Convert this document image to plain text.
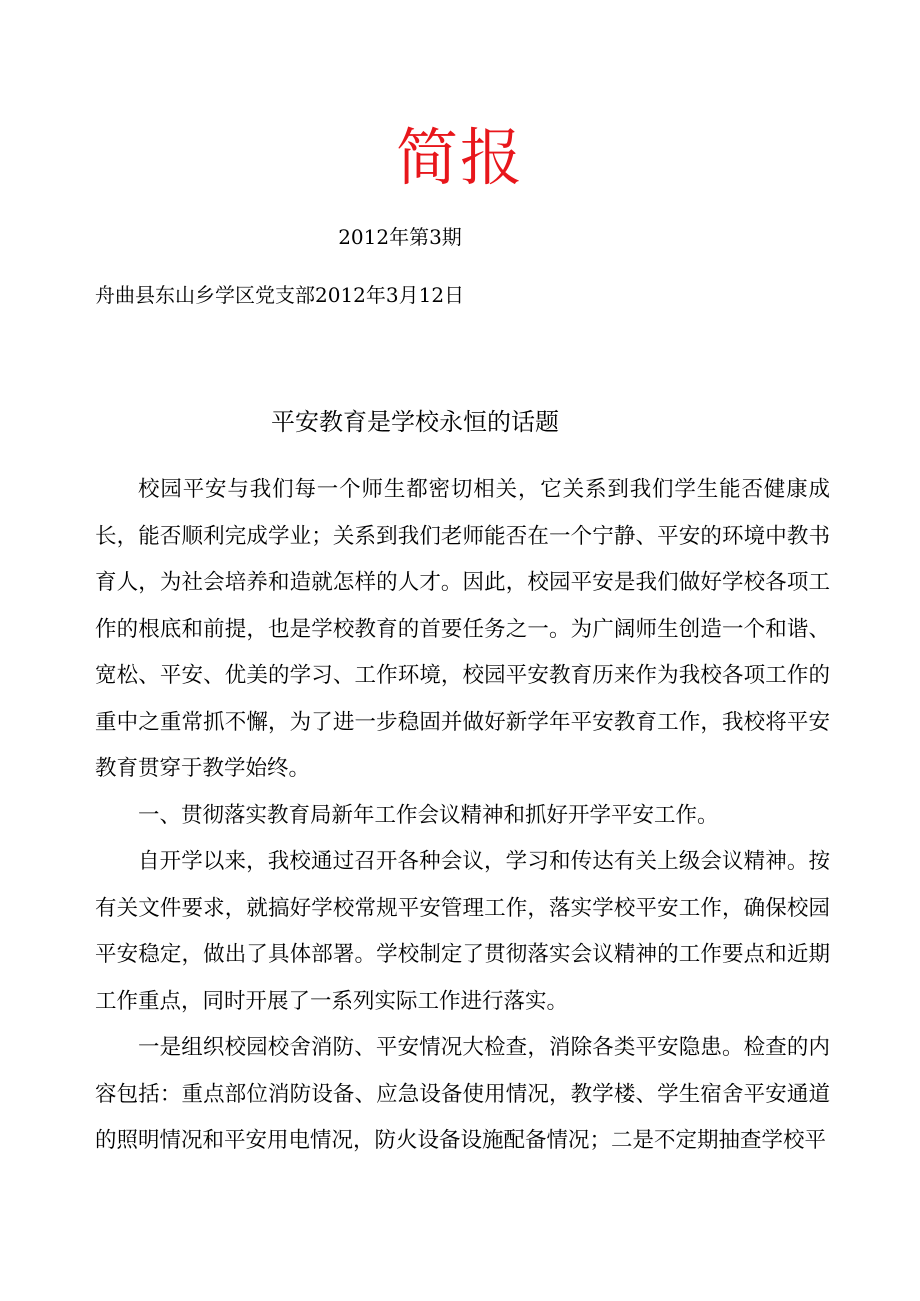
简报
2012年第3期
舟曲县东山乡学区党支部2012年3月12日
平安教育是学校永恒的话题

校园平安与我们每一个师生都密切相关，它关系到我们学生能否健康成长，能否顺利完成学业；关系到我们老师能否在一个宁静、平安的环境中教书育人，为社会培养和造就怎样的人才。因此，校园平安是我们做好学校各项工作的根底和前提，也是学校教育的首要任务之一。为广阔师生创造一个和谐、宽松、平安、优美的学习、工作环境，校园平安教育历来作为我校各项工作的重中之重常抓不懈，为了进一步稳固并做好新学年平安教育工作，我校将平安教育贯穿于教学始终。

一、贯彻落实教育局新年工作会议精神和抓好开学平安工作。

自开学以来，我校通过召开各种会议，学习和传达有关上级会议精神。按有关文件要求，就搞好学校常规平安管理工作，落实学校平安工作，确保校园平安稳定，做出了具体部署。学校制定了贯彻落实会议精神的工作要点和近期工作重点，同时开展了一系列实际工作进行落实。

一是组织校园校舍消防、平安情况大检查，消除各类平安隐患。检查的内容包括：重点部位消防设备、应急设备使用情况，教学楼、学生宿舍平安通道的照明情况和平安用电情况，防火设备设施配备情况；二是不定期抽查学校平
